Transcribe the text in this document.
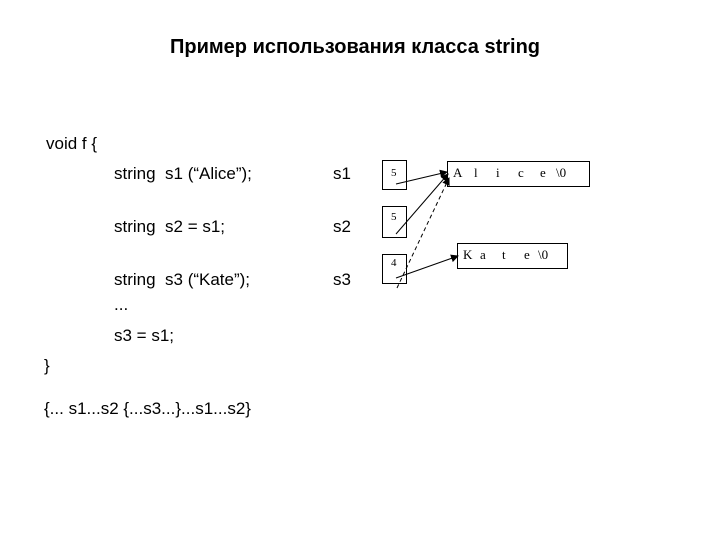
Пример использования класса string
void f {
string  s1 (“Alice”);
string  s2 = s1;
string  s3 (“Kate”);
...
s3 = s1;
}
{... s1...s2 {...s3...}...s1...s2}
s1
s2
s3
5
5
4
A l i c e \0
K a t e \0
